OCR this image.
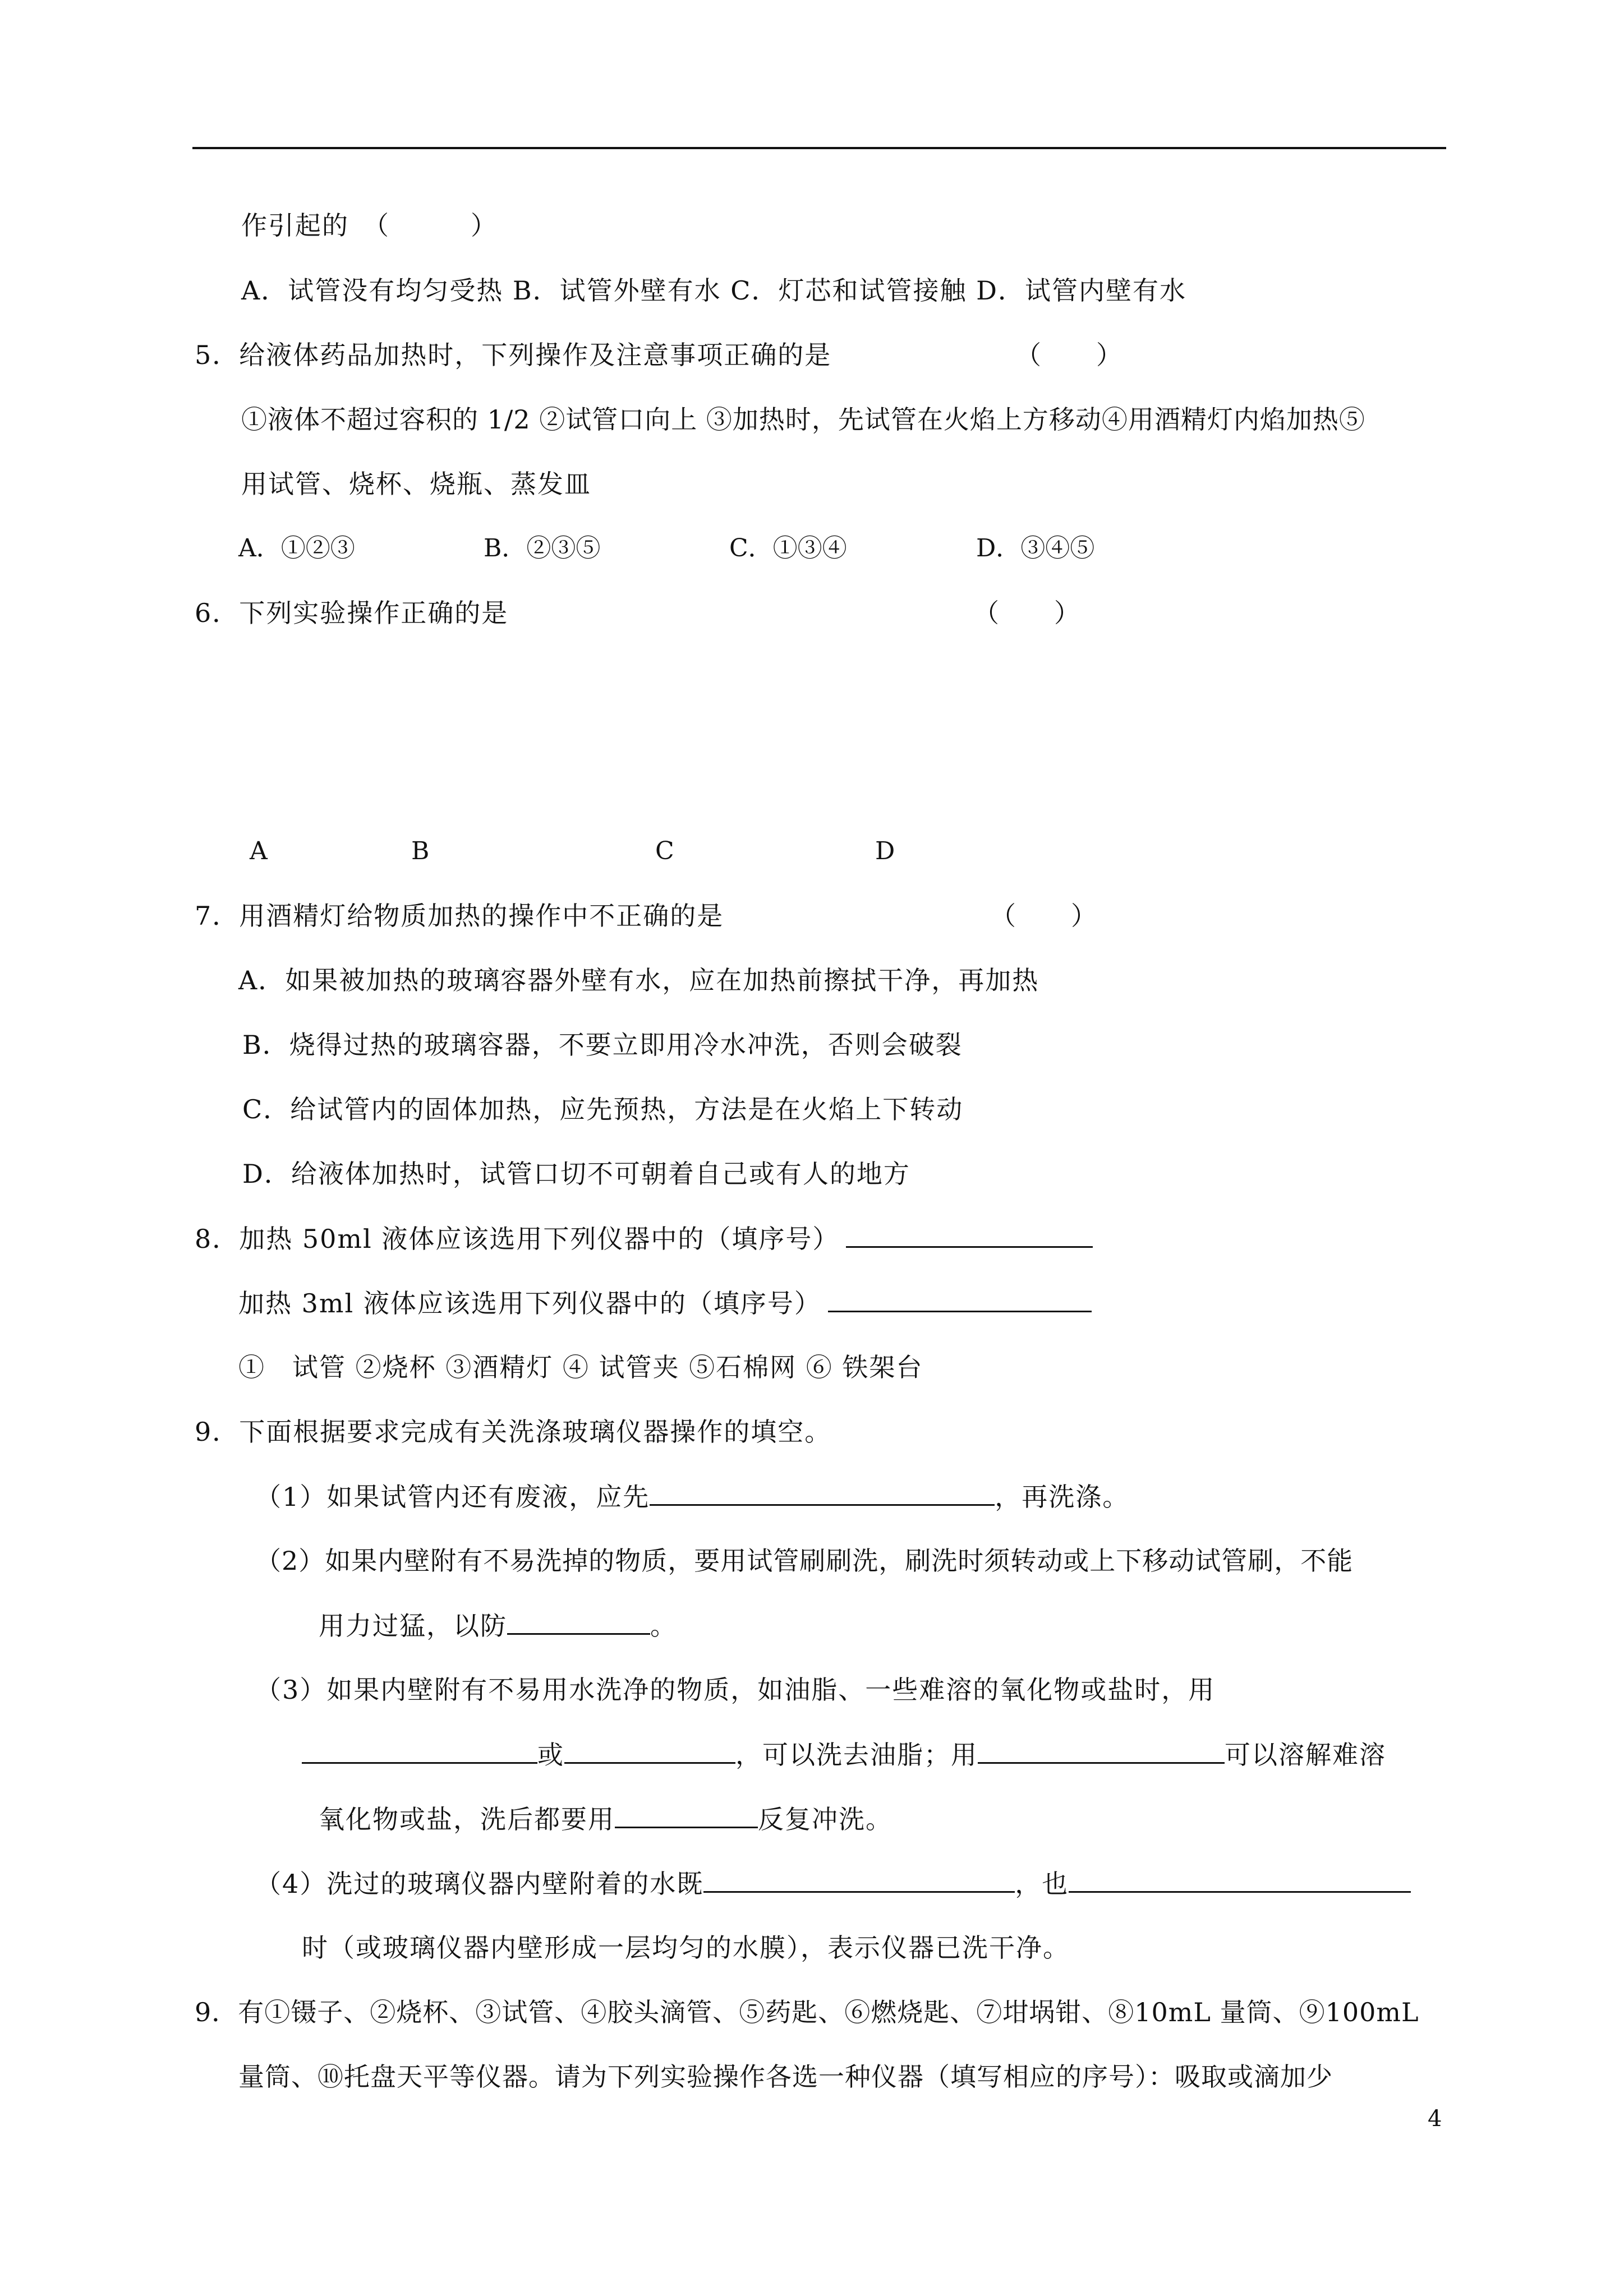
作引起的　（　　　）
A．试管没有均匀受热 B．试管外壁有水 C．灯芯和试管接触 D．试管内壁有水
5．给液体药品加热时，下列操作及注意事项正确的是	（　　）
①液体不超过容积的 1/2 ②试管口向上 ③加热时，先试管在火焰上方移动④用酒精灯内焰加热⑤
用试管、烧杯、烧瓶、蒸发皿
A．①②③	B．②③⑤	C．①③④	D．③④⑤
6．下列实验操作正确的是	（　　）
A	B	C	D
7．用酒精灯给物质加热的操作中不正确的是	（　　）
A．如果被加热的玻璃容器外壁有水，应在加热前擦拭干净，再加热
B．烧得过热的玻璃容器，不要立即用冷水冲洗，否则会破裂
C．给试管内的固体加热，应先预热，方法是在火焰上下转动
D．给液体加热时，试管口切不可朝着自己或有人的地方
8．加热 50ml 液体应该选用下列仪器中的（填序号）
加热 3ml 液体应该选用下列仪器中的（填序号）
①　试管 ②烧杯 ③酒精灯 ④ 试管夹 ⑤石棉网 ⑥ 铁架台
9．下面根据要求完成有关洗涤玻璃仪器操作的填空。
（1）如果试管内还有废液，应先	，再洗涤。
（2）如果内壁附有不易洗掉的物质，要用试管刷刷洗，刷洗时须转动或上下移动试管刷，不能
用力过猛，以防	。
（3）如果内壁附有不易用水洗净的物质，如油脂、一些难溶的氧化物或盐时，用
或	，可以洗去油脂；用	可以溶解难溶
氧化物或盐，洗后都要用	反复冲洗。
（4）洗过的玻璃仪器内壁附着的水既	，也
时（或玻璃仪器内壁形成一层均匀的水膜），表示仪器已洗干净。
9．有①镊子、②烧杯、③试管、④胶头滴管、⑤药匙、⑥燃烧匙、⑦坩埚钳、⑧10mL 量筒、⑨100mL
量筒、⑩托盘天平等仪器。请为下列实验操作各选一种仪器（填写相应的序号）：吸取或滴加少
4
